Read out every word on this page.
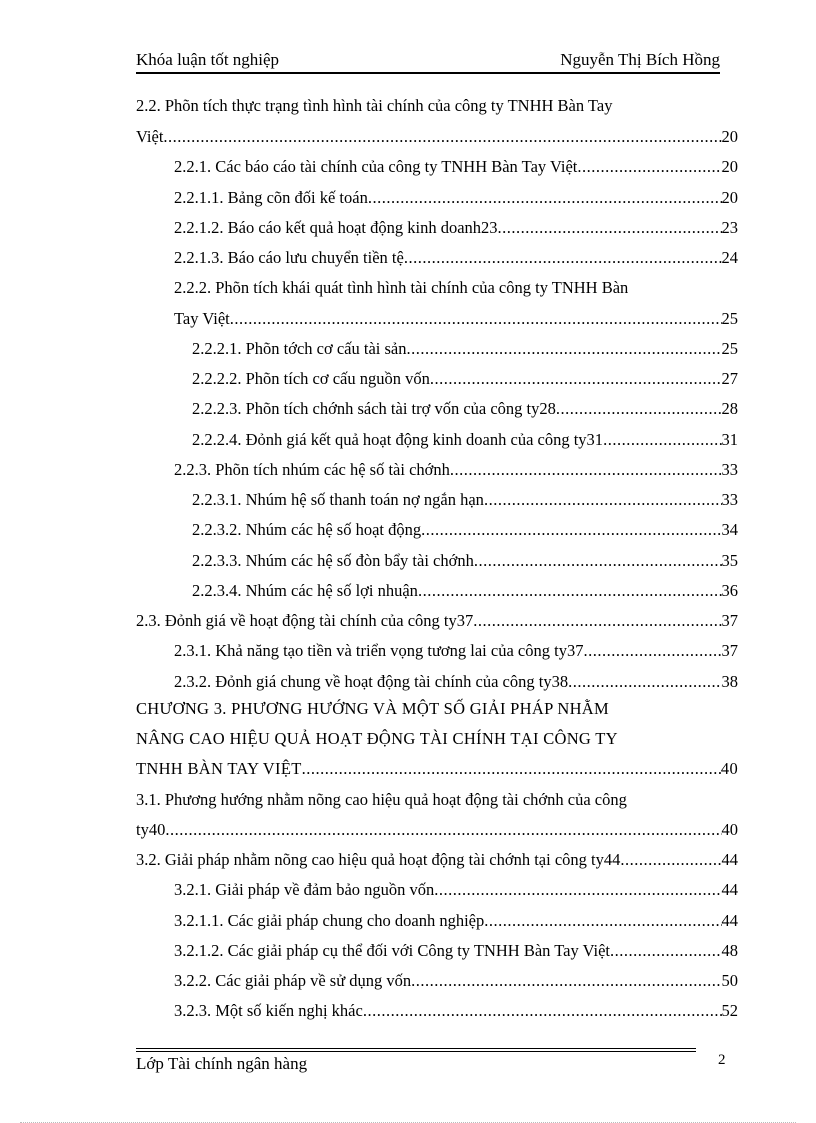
Khóa luận tốt nghiệp	Nguyễn Thị Bích Hồng
2.2. Phõn tích thực trạng tình hình tài chính của công ty TNHH Bàn Tay
Việt .....	20
2.2.1. Các báo cáo tài chính của công ty TNHH Bàn Tay Việt .....	20
2.2.1.1. Bảng cõn đối kế toán .....	20
2.2.1.2. Báo cáo kết quả hoạt động kinh doanh23 .....	23
2.2.1.3. Báo cáo lưu chuyển tiền tệ .....	24
2.2.2. Phõn tích khái quát tình hình tài chính của công ty TNHH Bàn
Tay Việt .....	25
2.2.2.1. Phõn tớch cơ cấu tài sản .....	25
2.2.2.2. Phõn tích cơ cấu nguồn vốn .....	27
2.2.2.3. Phõn tích chớnh sách tài trợ vốn của công ty28 .....	28
2.2.2.4. Đỏnh giá kết quả hoạt động kinh doanh của công ty31 .....	31
2.2.3. Phõn tích nhúm các hệ số tài chớnh .....	33
2.2.3.1. Nhúm hệ số thanh toán nợ ngắn hạn .....	33
2.2.3.2. Nhúm các hệ số hoạt động .....	34
2.2.3.3. Nhúm các hệ số đòn bẩy tài chớnh .....	35
2.2.3.4. Nhúm các hệ số lợi nhuận .....	36
2.3. Đỏnh giá về hoạt động tài chính của công ty37 .....	37
2.3.1. Khả năng tạo tiền và triển vọng tương lai của công ty37 .....	37
2.3.2. Đỏnh giá chung về hoạt động tài chính của công ty38 .....	38
CHƯƠNG 3. PHƯƠNG HƯỚNG VÀ MỘT SỐ GIẢI PHÁP NHẰM
NÂNG CAO HIỆU QUẢ HOẠT ĐỘNG TÀI CHÍNH TẠI CÔNG TY
TNHH BÀN TAY VIỆT .....	40
3.1. Phương hướng nhằm nõng cao hiệu quả hoạt động tài chớnh của công
ty40 .....	40
3.2. Giải pháp nhằm nõng cao hiệu quả hoạt động tài chớnh tại công ty44 .....	44
3.2.1. Giải pháp về đảm bảo nguồn vốn .....	44
3.2.1.1. Các giải pháp chung cho doanh nghiệp .....	44
3.2.1.2. Các giải pháp cụ thể đối với Công ty TNHH Bàn Tay Việt .....	48
3.2.2. Các giải pháp về sử dụng vốn .....	50
3.2.3. Một số kiến nghị khác .....	52
Lớp Tài chính ngân hàng	2
